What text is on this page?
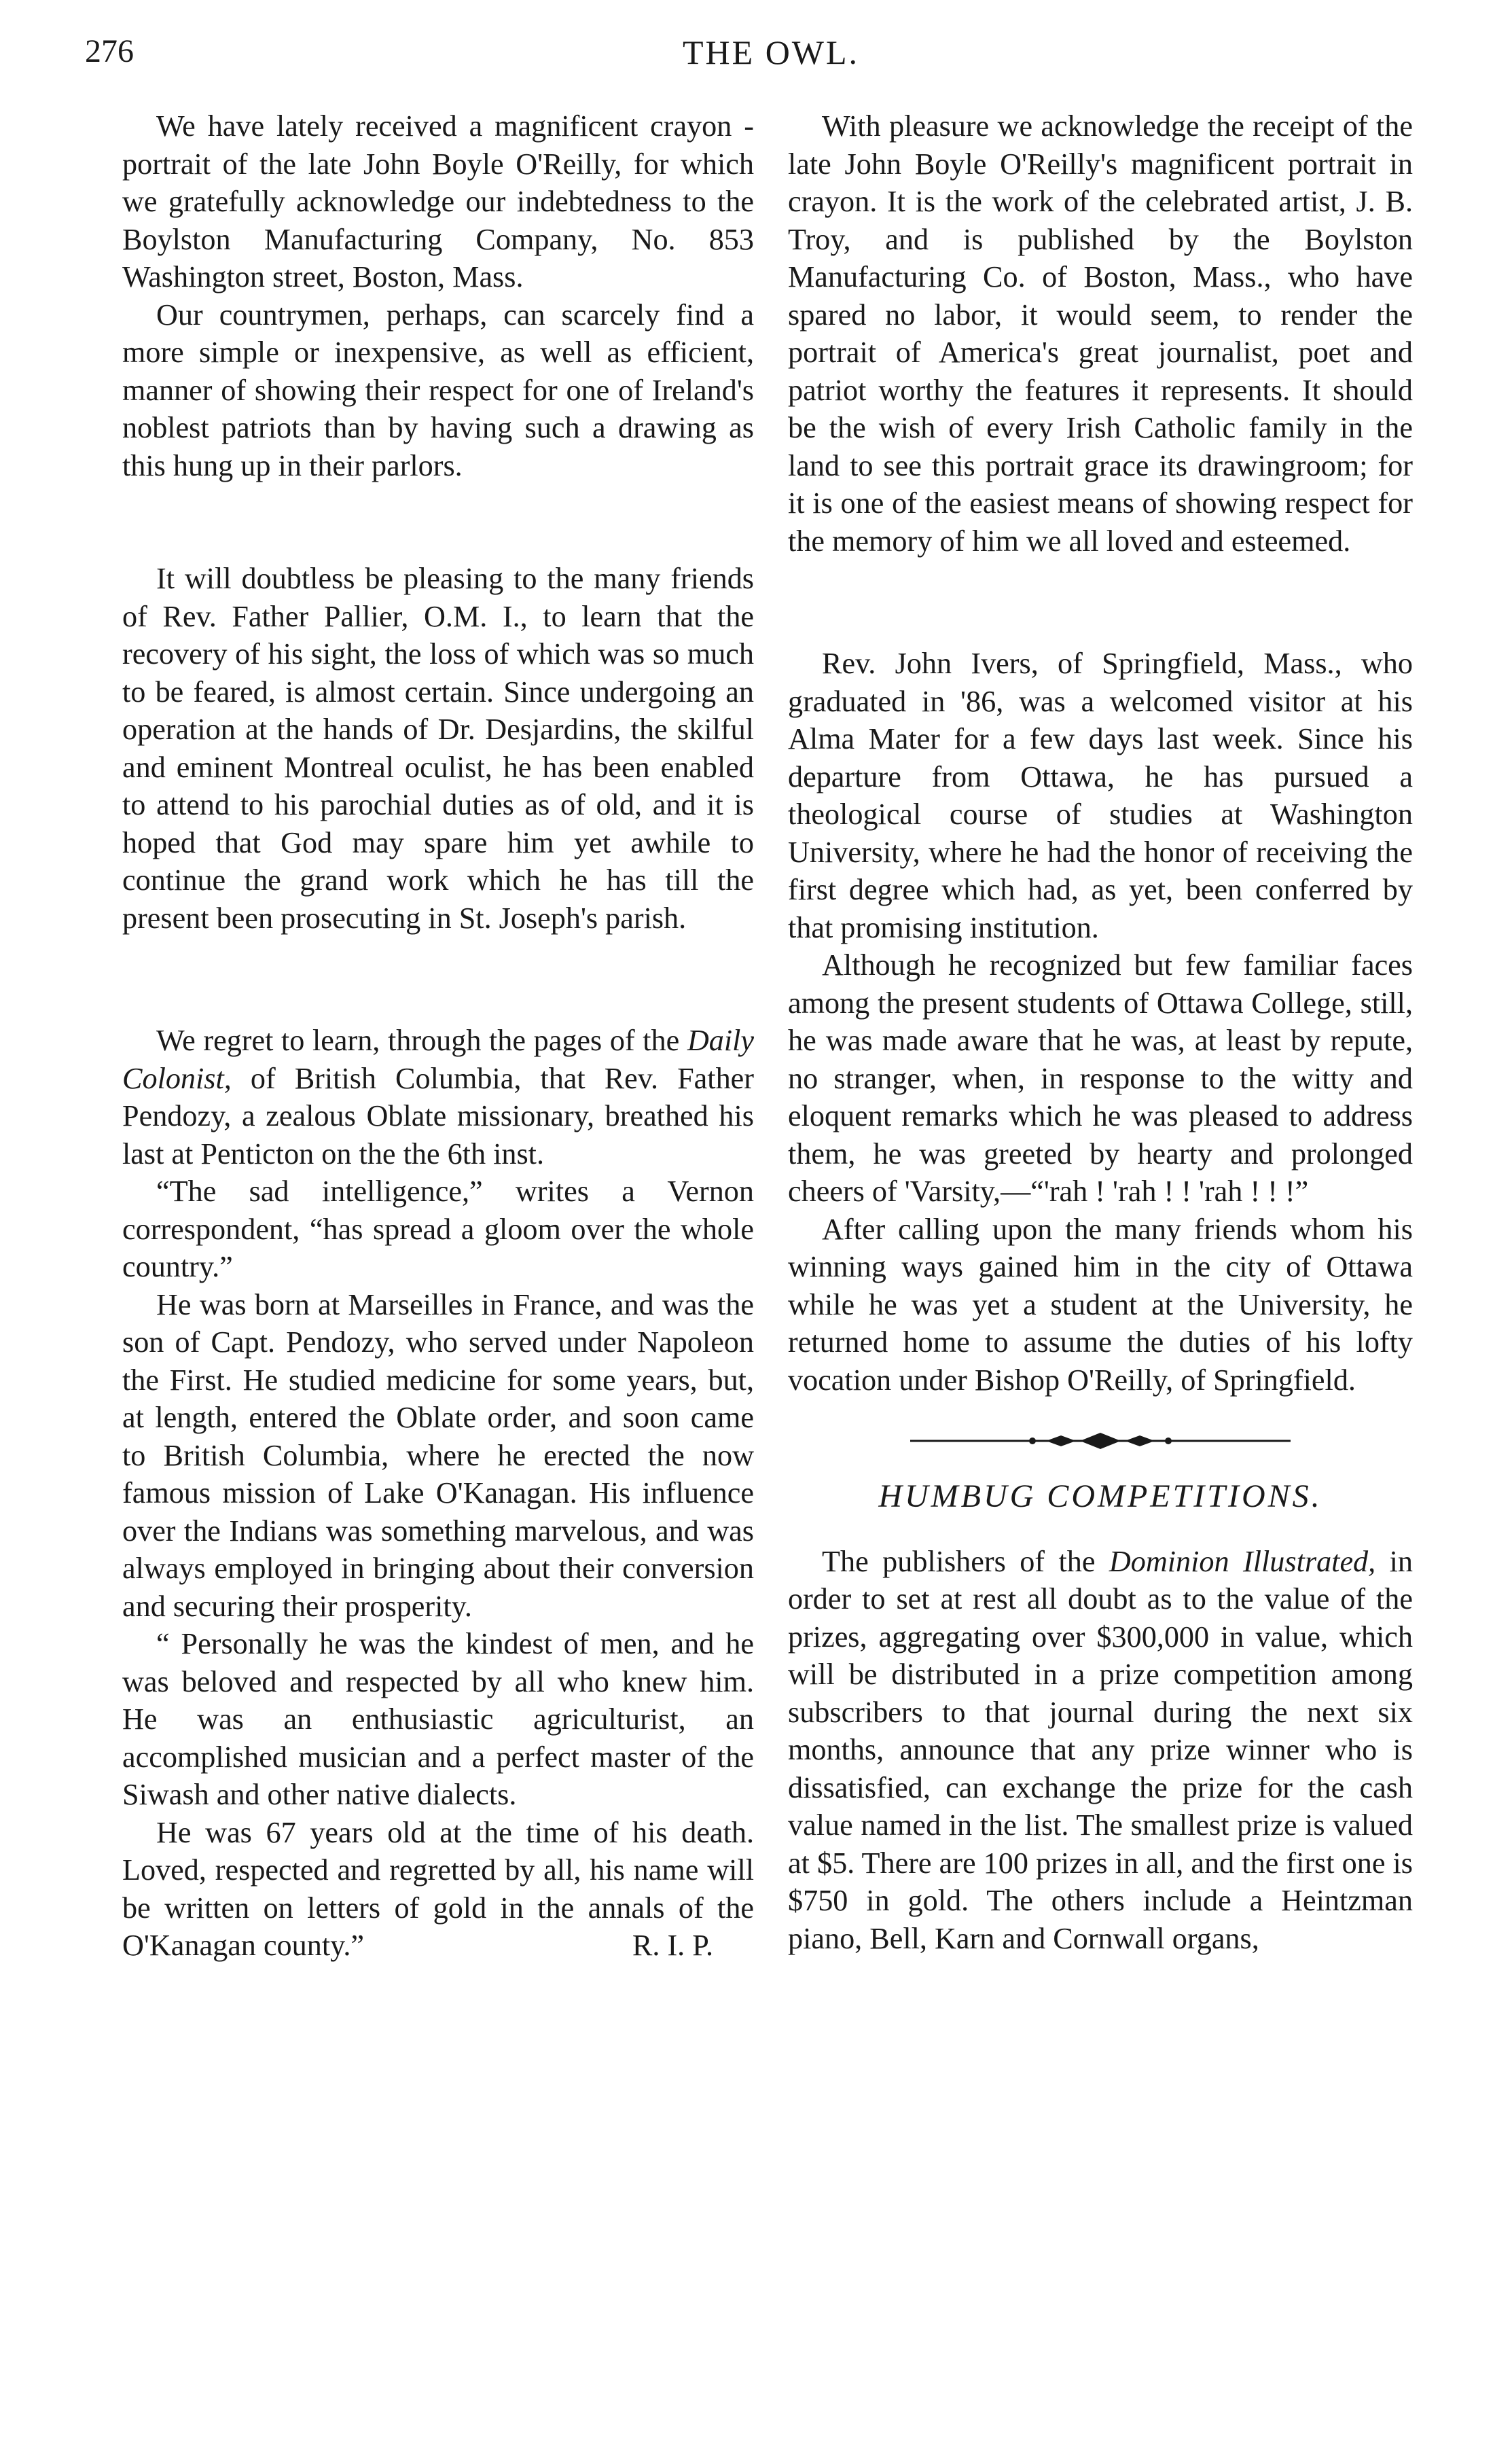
276	THE OWL.

We have lately received a magnificent crayon - portrait of the late John Boyle O'Reilly, for which we gratefully acknowledge our indebtedness to the Boylston Manufacturing Company, No. 853 Washington street, Boston, Mass.

Our countrymen, perhaps, can scarcely find a more simple or inexpensive, as well as efficient, manner of showing their respect for one of Ireland's noblest patriots than by having such a drawing as this hung up in their parlors.

It will doubtless be pleasing to the many friends of Rev. Father Pallier, O.M. I., to learn that the recovery of his sight, the loss of which was so much to be feared, is almost certain. Since undergoing an operation at the hands of Dr. Desjardins, the skilful and eminent Montreal oculist, he has been enabled to attend to his parochial duties as of old, and it is hoped that God may spare him yet awhile to continue the grand work which he has till the present been prosecuting in St. Joseph's parish.

We regret to learn, through the pages of the Daily Colonist, of British Columbia, that Rev. Father Pendozy, a zealous Oblate missionary, breathed his last at Penticton on the the 6th inst.

“The sad intelligence,” writes a Vernon correspondent, “has spread a gloom over the whole country.”

He was born at Marseilles in France, and was the son of Capt. Pendozy, who served under Napoleon the First. He studied medicine for some years, but, at length, entered the Oblate order, and soon came to British Columbia, where he erected the now famous mission of Lake O'Kanagan. His influence over the Indians was something marvelous, and was always employed in bringing about their conversion and securing their prosperity.

“ Personally he was the kindest of men, and he was beloved and respected by all who knew him. He was an enthusiastic agriculturist, an accomplished musician and a perfect master of the Siwash and other native dialects.

He was 67 years old at the time of his death. Loved, respected and regretted by all, his name will be written on letters of gold in the annals of the O'Kanagan county.”	R. I. P.

With pleasure we acknowledge the receipt of the late John Boyle O'Reilly's magnificent portrait in crayon. It is the work of the celebrated artist, J. B. Troy, and is published by the Boylston Manufacturing Co. of Boston, Mass., who have spared no labor, it would seem, to render the portrait of America's great journalist, poet and patriot worthy the features it represents. It should be the wish of every Irish Catholic family in the land to see this portrait grace its drawingroom; for it is one of the easiest means of showing respect for the memory of him we all loved and esteemed.

Rev. John Ivers, of Springfield, Mass., who graduated in '86, was a welcomed visitor at his Alma Mater for a few days last week. Since his departure from Ottawa, he has pursued a theological course of studies at Washington University, where he had the honor of receiving the first degree which had, as yet, been conferred by that promising institution.

Although he recognized but few familiar faces among the present students of Ottawa College, still, he was made aware that he was, at least by repute, no stranger, when, in response to the witty and eloquent remarks which he was pleased to address them, he was greeted by hearty and prolonged cheers of 'Varsity,—“'rah ! 'rah ! ! 'rah ! ! !”

After calling upon the many friends whom his winning ways gained him in the city of Ottawa while he was yet a student at the University, he returned home to assume the duties of his lofty vocation under Bishop O'Reilly, of Springfield.

HUMBUG COMPETITIONS.

The publishers of the Dominion Illustrated, in order to set at rest all doubt as to the value of the prizes, aggregating over $300,000 in value, which will be distributed in a prize competition among subscribers to that journal during the next six months, announce that any prize winner who is dissatisfied, can exchange the prize for the cash value named in the list. The smallest prize is valued at $5. There are 100 prizes in all, and the first one is $750 in gold. The others include a Heintzman piano, Bell, Karn and Cornwall organs,
